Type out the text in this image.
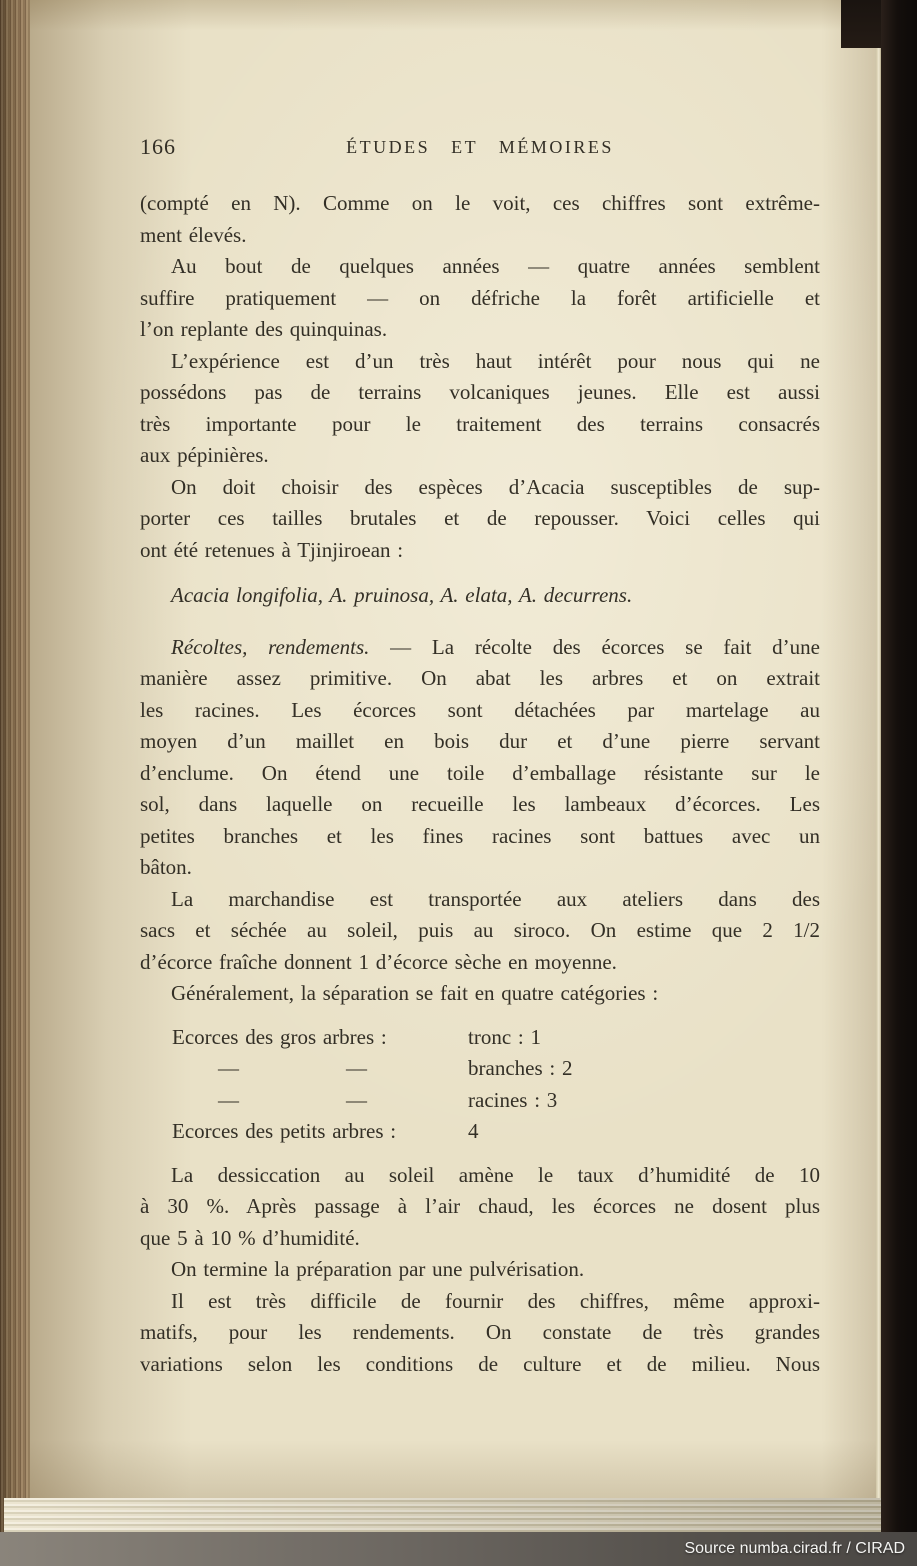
166	ÉTUDES ET MÉMOIRES
(compté en N). Comme on le voit, ces chiffres sont extrême-
ment élevés.
Au bout de quelques années — quatre années semblent
suffire pratiquement — on défriche la forêt artificielle et
l’on replante des quinquinas.
L’expérience est d’un très haut intérêt pour nous qui ne
possédons pas de terrains volcaniques jeunes. Elle est aussi
très importante pour le traitement des terrains consacrés
aux pépinières.
On doit choisir des espèces d’Acacia susceptibles de sup-
porter ces tailles brutales et de repousser. Voici celles qui
ont été retenues à Tjinjiroean :
Acacia longifolia, A. pruinosa, A. elata, A. decurrens.
Récoltes, rendements. — La récolte des écorces se fait d’une
manière assez primitive. On abat les arbres et on extrait
les racines. Les écorces sont détachées par martelage au
moyen d’un maillet en bois dur et d’une pierre servant
d’enclume. On étend une toile d’emballage résistante sur le
sol, dans laquelle on recueille les lambeaux d’écorces. Les
petites branches et les fines racines sont battues avec un
bâton.
La marchandise est transportée aux ateliers dans des
sacs et séchée au soleil, puis au siroco. On estime que 2 1/2
d’écorce fraîche donnent 1 d’écorce sèche en moyenne.
Généralement, la séparation se fait en quatre catégories :
Ecorces des gros arbres :	tronc : 1
—	—	branches : 2
—	—	racines : 3
Ecorces des petits arbres :	4
La dessiccation au soleil amène le taux d’humidité de 10
à 30 %. Après passage à l’air chaud, les écorces ne dosent plus
que 5 à 10 % d’humidité.
On termine la préparation par une pulvérisation.
Il est très difficile de fournir des chiffres, même approxi-
matifs, pour les rendements. On constate de très grandes
variations selon les conditions de culture et de milieu. Nous
Source numba.cirad.fr / CIRAD
